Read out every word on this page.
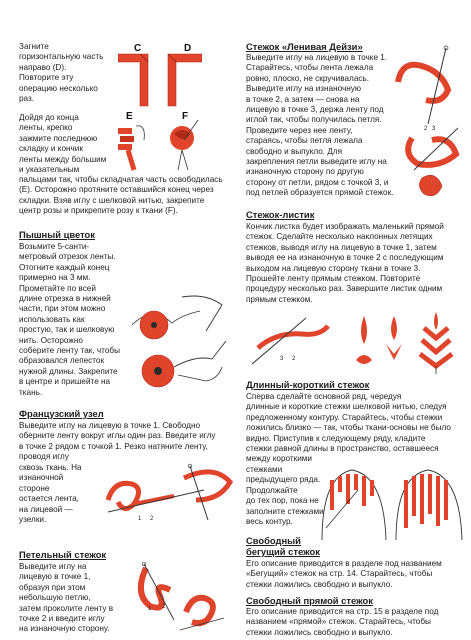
Загните
горизонтальную часть
направо (D).
Повторите эту
операцию несколько
раз.

C	D
E	F

Дойдя до конца
ленты, крепко
зажмите последнюю
складку и кончик
ленты между большим
и указательным

пальцами так, чтобы складчатая часть освободилась
(E). Осторожно протяните оставшийся конец через
складки. Взяв иглу с шелковой нитью, закрепите
центр розы и прикрепите розу к ткани (F).

Пышный цветок

Возьмите 5-санти-
метровый отрезок ленты.
Отогните каждый конец
примерно на 3 мм.
Прометайте по всей
длине отрезка в нижней
части, при этом можно
использовать как
простую, так и шелковую
нить. Осторожно
соберите ленту так, чтобы
образовался лепесток
нужной длины. Закрепите
в центре и пришейте на
ткань.

Французский узел

Выведите иглу на лицевую в точке 1. Свободно
оберните ленту вокруг иглы один раз. Введите иглу
в точке 2 рядом с точкой 1. Резко натяните ленту,
проводя иглу

сквозь ткань. На
изнаночной
стороне
остается лента,
на лицевой —
узелки.	1 2

Петельный стежок

Выведите иглу на
лицевую в точке 1,
образуя при этом
небольшую петлю,
затем проколите ленту в
точке 2 и введите иглу
на изнаночную сторону.

1 2

Стежок «Ленивая Дейзи»

Выведите иглу на лицевую в точке 1.
Старайтесь, чтобы лента лежала
ровно, плоско, не скручивалась.
Выведите иглу на изнаночную
в точке 2, а затем — снова на
лицевую в точке 3, держа ленту под
иглой так, чтобы получилась петля.
Проведите через нее ленту,
стараясь, чтобы петля лежала
свободно и выпукло. Для
закрепления петли выведите иглу на
изнаночную сторону по другую
сторону от петли, рядом с точкой 3, и
под петлей образуется прямой стежок.

3
2

Стежок-листик

Кончик листка будет изображать маленький прямой
стежок. Сделайте несколько наклонных летящих
стежков, выводя иглу на лицевую в точке 1, затем
выводя ее на изнаночную в точке 2 с последующим
выходом на лицевую сторону ткани в точке 3.
Прошейте ленту прямым стежком. Повторите
процедуру несколько раз. Завершите листик одним
прямым стежком.

3 2

Длинный-короткий стежок

Сперва сделайте основной ряд, чередуя
длинные и короткие стежки шелковой нитью, следуя
предложенному контуру. Старайтесь, чтобы стежки
ложились близко — так, чтобы ткани-основы не было
видно. Приступив к следующему ряду, кладите
стежки равной длины в пространство, оставшееся
между короткими

стежками
предыдущего ряда.
Продолжайте
до тех пор, пока не
заполните стежками
весь контур.

Свободный
бегущий стежок

Его описание приводится в разделе под названием
«Бегущий» стежок на стр. 14. Старайтесь, чтобы
стежки ложились свободно и выпукло.

Свободный прямой стежок

Его описание приводится на стр. 15 в разделе под
названием «прямой» стежок. Старайтесь, чтобы
стежки ложились свободно и выпукло.
